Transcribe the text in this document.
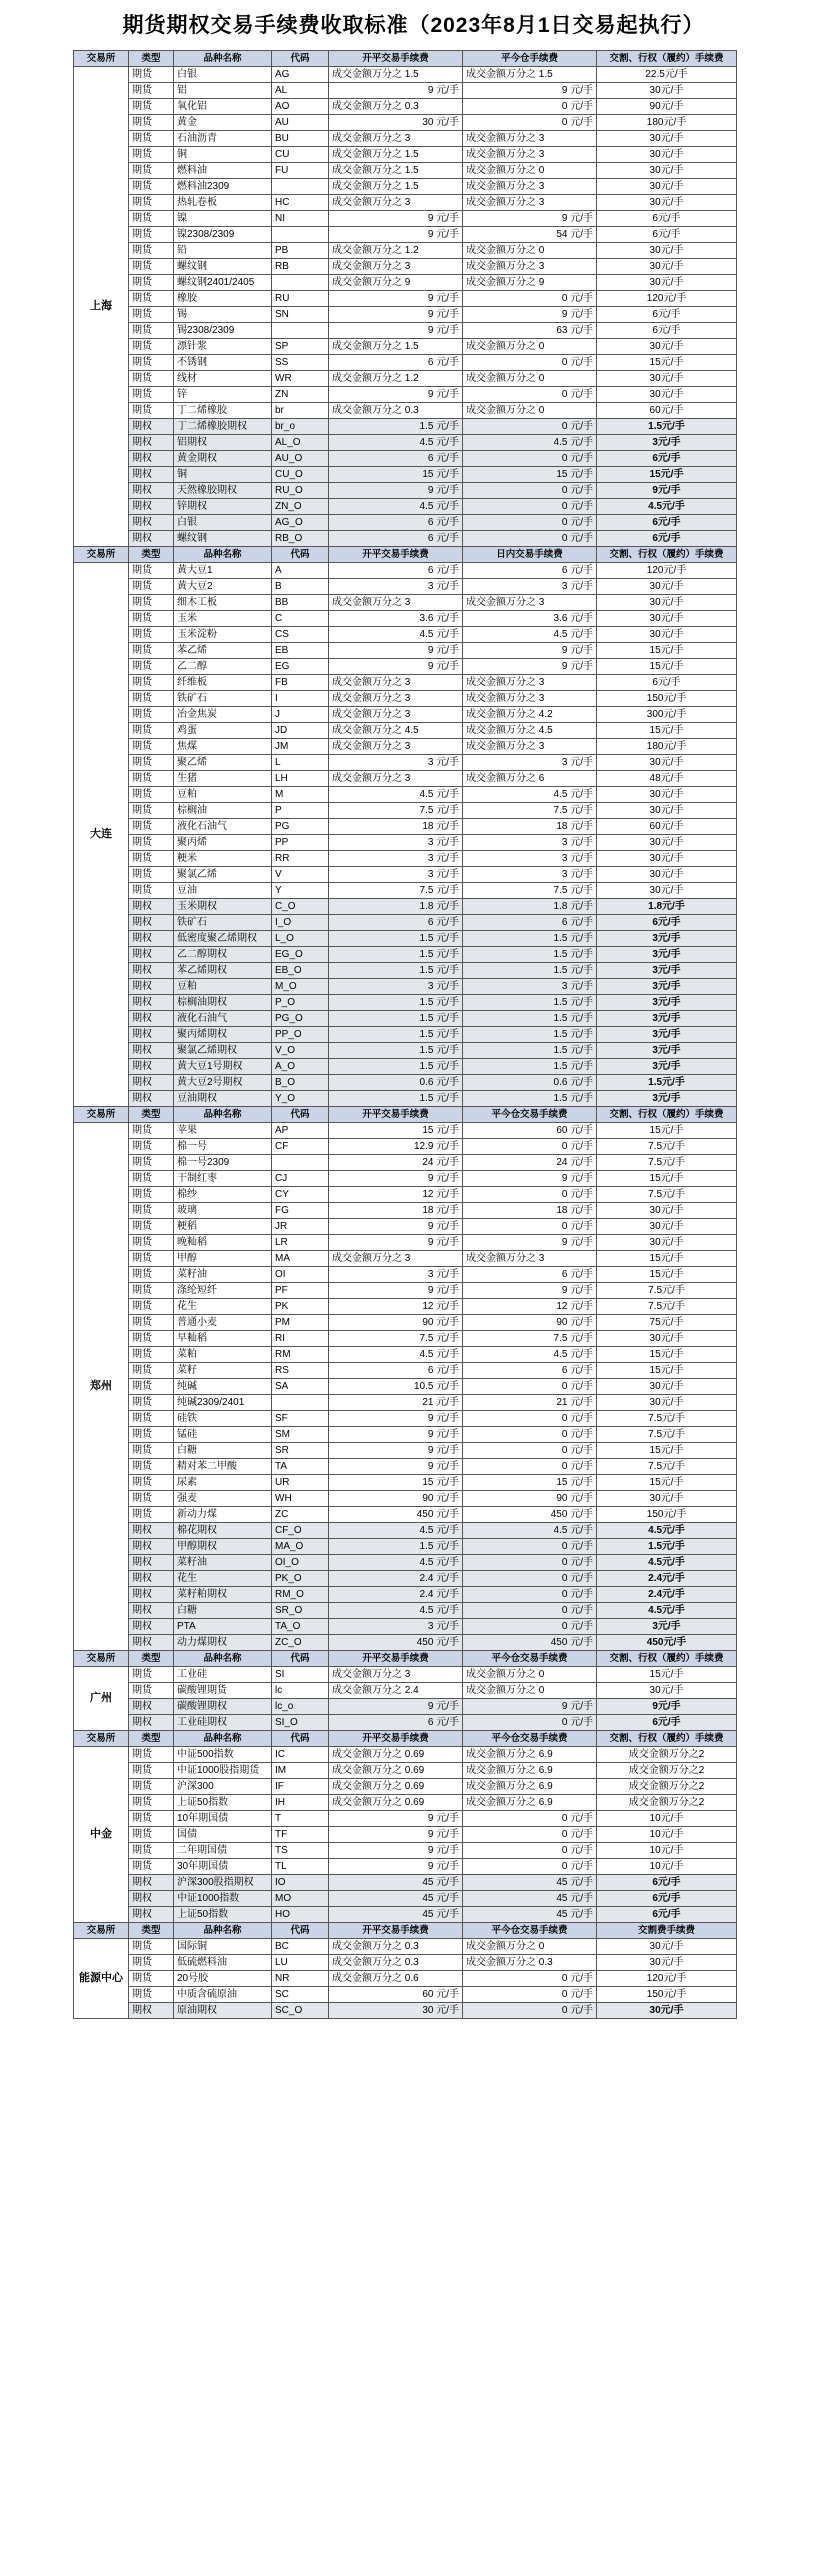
期货期权交易手续费收取标准（2023年8月1日交易起执行）
交易所	类型	品种名称	代码	开平交易手续费	平今仓手续费	交割、行权（履约）手续费
上海	期货	白银	AG	成交金额万分之 1.5	成交金额万分之 1.5	22.5元/手
	期货	铝	AL	9 元/手	9 元/手	30元/手
	期货	氧化铝	AO	成交金额万分之 0.3	0 元/手	90元/手
	期货	黄金	AU	30 元/手	0 元/手	180元/手
	期货	石油沥青	BU	成交金额万分之 3	成交金额万分之 3	30元/手
	期货	铜	CU	成交金额万分之 1.5	成交金额万分之 3	30元/手
	期货	燃料油	FU	成交金额万分之 1.5	成交金额万分之 0	30元/手
	期货	燃料油2309		成交金额万分之 1.5	成交金额万分之 3	30元/手
	期货	热轧卷板	HC	成交金额万分之 3	成交金额万分之 3	30元/手
	期货	镍	NI	9 元/手	9 元/手	6元/手
	期货	镍2308/2309		9 元/手	54 元/手	6元/手
	期货	铅	PB	成交金额万分之 1.2	成交金额万分之 0	30元/手
	期货	螺纹钢	RB	成交金额万分之 3	成交金额万分之 3	30元/手
	期货	螺纹钢2401/2405		成交金额万分之 9	成交金额万分之 9	30元/手
	期货	橡胶	RU	9 元/手	0 元/手	120元/手
	期货	锡	SN	9 元/手	9 元/手	6元/手
	期货	锡2308/2309		9 元/手	63 元/手	6元/手
	期货	漂针浆	SP	成交金额万分之 1.5	成交金额万分之 0	30元/手
	期货	不锈钢	SS	6 元/手	0 元/手	15元/手
	期货	线材	WR	成交金额万分之 1.2	成交金额万分之 0	30元/手
	期货	锌	ZN	9 元/手	0 元/手	30元/手
	期货	丁二烯橡胶	br	成交金额万分之 0.3	成交金额万分之 0	60元/手
	期权	丁二烯橡胶期权	br_o	1.5 元/手	0 元/手	1.5元/手
	期权	铝期权	AL_O	4.5 元/手	4.5 元/手	3元/手
	期权	黄金期权	AU_O	6 元/手	0 元/手	6元/手
	期权	铜	CU_O	15 元/手	15 元/手	15元/手
	期权	天然橡胶期权	RU_O	9 元/手	0 元/手	9元/手
	期权	锌期权	ZN_O	4.5 元/手	0 元/手	4.5元/手
	期权	白银	AG_O	6 元/手	0 元/手	6元/手
	期权	螺纹钢	RB_O	6 元/手	0 元/手	6元/手
交易所	类型	品种名称	代码	开平交易手续费	日内交易手续费	交割、行权（履约）手续费
大连	期货	黄大豆1	A	6 元/手	6 元/手	120元/手
	期货	黄大豆2	B	3 元/手	3 元/手	30元/手
	期货	细木工板	BB	成交金额万分之 3	成交金额万分之 3	30元/手
	期货	玉米	C	3.6 元/手	3.6 元/手	30元/手
	期货	玉米淀粉	CS	4.5 元/手	4.5 元/手	30元/手
	期货	苯乙烯	EB	9 元/手	9 元/手	15元/手
	期货	乙二醇	EG	9 元/手	9 元/手	15元/手
	期货	纤维板	FB	成交金额万分之 3	成交金额万分之 3	6元/手
	期货	铁矿石	I	成交金额万分之 3	成交金额万分之 3	150元/手
	期货	冶金焦炭	J	成交金额万分之 3	成交金额万分之 4.2	300元/手
	期货	鸡蛋	JD	成交金额万分之 4.5	成交金额万分之 4.5	15元/手
	期货	焦煤	JM	成交金额万分之 3	成交金额万分之 3	180元/手
	期货	聚乙烯	L	3 元/手	3 元/手	30元/手
	期货	生猪	LH	成交金额万分之 3	成交金额万分之 6	48元/手
	期货	豆粕	M	4.5 元/手	4.5 元/手	30元/手
	期货	棕榈油	P	7.5 元/手	7.5 元/手	30元/手
	期货	液化石油气	PG	18 元/手	18 元/手	60元/手
	期货	聚丙烯	PP	3 元/手	3 元/手	30元/手
	期货	粳米	RR	3 元/手	3 元/手	30元/手
	期货	聚氯乙烯	V	3 元/手	3 元/手	30元/手
	期货	豆油	Y	7.5 元/手	7.5 元/手	30元/手
	期权	玉米期权	C_O	1.8 元/手	1.8 元/手	1.8元/手
	期权	铁矿石	I_O	6 元/手	6 元/手	6元/手
	期权	低密度聚乙烯期权	L_O	1.5 元/手	1.5 元/手	3元/手
	期权	乙二醇期权	EG_O	1.5 元/手	1.5 元/手	3元/手
	期权	苯乙烯期权	EB_O	1.5 元/手	1.5 元/手	3元/手
	期权	豆粕	M_O	3 元/手	3 元/手	3元/手
	期权	棕榈油期权	P_O	1.5 元/手	1.5 元/手	3元/手
	期权	液化石油气	PG_O	1.5 元/手	1.5 元/手	3元/手
	期权	聚丙烯期权	PP_O	1.5 元/手	1.5 元/手	3元/手
	期权	聚氯乙烯期权	V_O	1.5 元/手	1.5 元/手	3元/手
	期权	黄大豆1号期权	A_O	1.5 元/手	1.5 元/手	3元/手
	期权	黄大豆2号期权	B_O	0.6 元/手	0.6 元/手	1.5元/手
	期权	豆油期权	Y_O	1.5 元/手	1.5 元/手	3元/手
交易所	类型	品种名称	代码	开平交易手续费	平今仓交易手续费	交割、行权（履约）手续费
郑州	期货	苹果	AP	15 元/手	60 元/手	15元/手
	期货	棉一号	CF	12.9 元/手	0 元/手	7.5元/手
	期货	棉一号2309		24 元/手	24 元/手	7.5元/手
	期货	干制红枣	CJ	9 元/手	9 元/手	15元/手
	期货	棉纱	CY	12 元/手	0 元/手	7.5元/手
	期货	玻璃	FG	18 元/手	18 元/手	30元/手
	期货	粳稻	JR	9 元/手	0 元/手	30元/手
	期货	晚籼稻	LR	9 元/手	9 元/手	30元/手
	期货	甲醇	MA	成交金额万分之 3	成交金额万分之 3	15元/手
	期货	菜籽油	OI	3 元/手	6 元/手	15元/手
	期货	涤纶短纤	PF	9 元/手	9 元/手	7.5元/手
	期货	花生	PK	12 元/手	12 元/手	7.5元/手
	期货	普通小麦	PM	90 元/手	90 元/手	75元/手
	期货	早籼稻	RI	7.5 元/手	7.5 元/手	30元/手
	期货	菜粕	RM	4.5 元/手	4.5 元/手	15元/手
	期货	菜籽	RS	6 元/手	6 元/手	15元/手
	期货	纯碱	SA	10.5 元/手	0 元/手	30元/手
	期货	纯碱2309/2401		21 元/手	21 元/手	30元/手
	期货	硅铁	SF	9 元/手	0 元/手	7.5元/手
	期货	锰硅	SM	9 元/手	0 元/手	7.5元/手
	期货	白糖	SR	9 元/手	0 元/手	15元/手
	期货	精对苯二甲酸	TA	9 元/手	0 元/手	7.5元/手
	期货	尿素	UR	15 元/手	15 元/手	15元/手
	期货	强麦	WH	90 元/手	90 元/手	30元/手
	期货	新动力煤	ZC	450 元/手	450 元/手	150元/手
	期权	棉花期权	CF_O	4.5 元/手	4.5 元/手	4.5元/手
	期权	甲醇期权	MA_O	1.5 元/手	0 元/手	1.5元/手
	期权	菜籽油	OI_O	4.5 元/手	0 元/手	4.5元/手
	期权	花生	PK_O	2.4 元/手	0 元/手	2.4元/手
	期权	菜籽粕期权	RM_O	2.4 元/手	0 元/手	2.4元/手
	期权	白糖	SR_O	4.5 元/手	0 元/手	4.5元/手
	期权	PTA	TA_O	3 元/手	0 元/手	3元/手
	期权	动力煤期权	ZC_O	450 元/手	450 元/手	450元/手
交易所	类型	品种名称	代码	开平交易手续费	平今仓交易手续费	交割、行权（履约）手续费
广州	期货	工业硅	SI	成交金额万分之 3	成交金额万分之 0	15元/手
	期货	碳酸锂期货	lc	成交金额万分之 2.4	成交金额万分之 0	30元/手
	期权	碳酸锂期权	lc_o	9 元/手	9 元/手	9元/手
	期权	工业硅期权	SI_O	6 元/手	0 元/手	6元/手
交易所	类型	品种名称	代码	开平交易手续费	平今仓交易手续费	交割、行权（履约）手续费
中金	期货	中证500指数	IC	成交金额万分之 0.69	成交金额万分之 6.9	成交金额万分之2
	期货	中证1000股指期货	IM	成交金额万分之 0.69	成交金额万分之 6.9	成交金额万分之2
	期货	沪深300	IF	成交金额万分之 0.69	成交金额万分之 6.9	成交金额万分之2
	期货	上证50指数	IH	成交金额万分之 0.69	成交金额万分之 6.9	成交金额万分之2
	期货	10年期国债	T	9 元/手	0 元/手	10元/手
	期货	国债	TF	9 元/手	0 元/手	10元/手
	期货	二年期国债	TS	9 元/手	0 元/手	10元/手
	期货	30年期国债	TL	9 元/手	0 元/手	10元/手
	期权	沪深300股指期权	IO	45 元/手	45 元/手	6元/手
	期权	中证1000指数	MO	45 元/手	45 元/手	6元/手
	期权	上证50指数	HO	45 元/手	45 元/手	6元/手
交易所	类型	品种名称	代码	开平交易手续费	平今仓交易手续费	交割费手续费
能源中心	期货	国际铜	BC	成交金额万分之 0.3	成交金额万分之 0	30元/手
	期货	低硫燃料油	LU	成交金额万分之 0.3	成交金额万分之 0.3	30元/手
	期货	20号胶	NR	成交金额万分之 0.6	0 元/手	120元/手
	期货	中质含硫原油	SC	60 元/手	0 元/手	150元/手
	期权	原油期权	SC_O	30 元/手	0 元/手	30元/手
